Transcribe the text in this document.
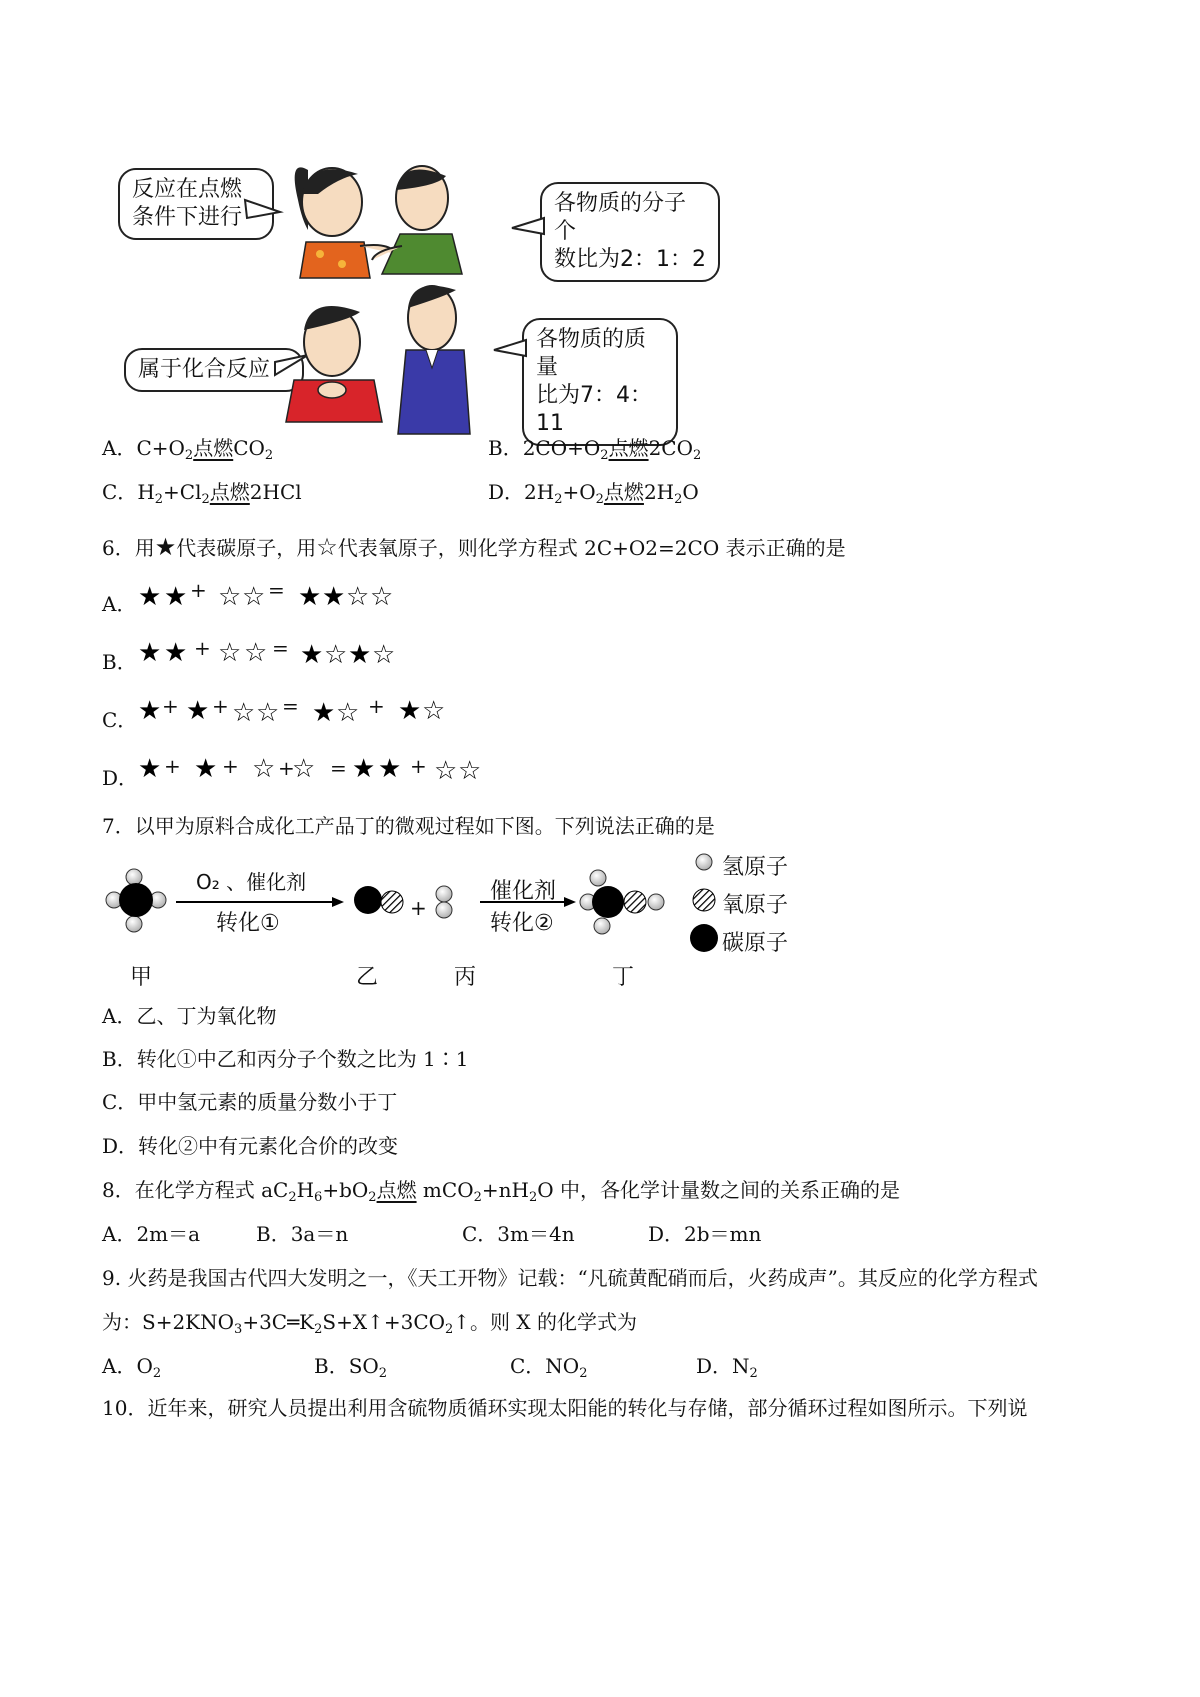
反应在点燃
条件下进行
各物质的分子个
数比为2：1：2
属于化合反应
各物质的质量
比为7：4：11
A．$C+O_2$点燃$CO_2$	B．$2CO+O_2$点燃$2CO_2$
C．$H_2+Cl_2$点燃2HCl	D．$2H_2+O_2$点燃$2H_2O$
6．用★代表碳原子，用☆代表氧原子，则化学方程式 2C+O2=2CO 表示正确的是
A． ★ ★ + ☆ ☆ = ★ ★ ☆ ☆
B． ★ ★ + ☆ ☆ = ★ ☆ ★ ☆
C． ★ + ★ + ☆ ☆ = ★ ☆ + ★ ☆
D． ★ + ★ + ☆ +
☆ = ★ ★ + ☆ ☆
7．以甲为原料合成化工产品丁的微观过程如下图。下列说法正确的是
O₂ 、催化剂
转化①
+
催化剂
转化②
氢原子
氧原子
碳原子
甲	乙	丙	丁
A．乙、丁为氧化物
B．转化①中乙和丙分子个数之比为 1∶1
C．甲中氢元素的质量分数小于丁
D．转化②中有元素化合价的改变
8．在化学方程式 $aC_2H_6+bO_2$点燃 $mCO_2+nH_2O$ 中，各化学计量数之间的关系正确的是
A．2m＝a	B．3a＝n	C．3m＝4n	D．2b＝mn
9. 火药是我国古代四大发明之一，《天工开物》记载：“凡硫黄配硝而后，火药成声”。其反应的化学方程式
为：$S+2KNO_3+3C═K_2S+X↑+3CO_2↑$。则 X 的化学式为
A．$O_2$	B．$SO_2$	C．$NO_2$	D．$N_2$
10．近年来，研究人员提出利用含硫物质循环实现太阳能的转化与存储，部分循环过程如图所示。下列说
